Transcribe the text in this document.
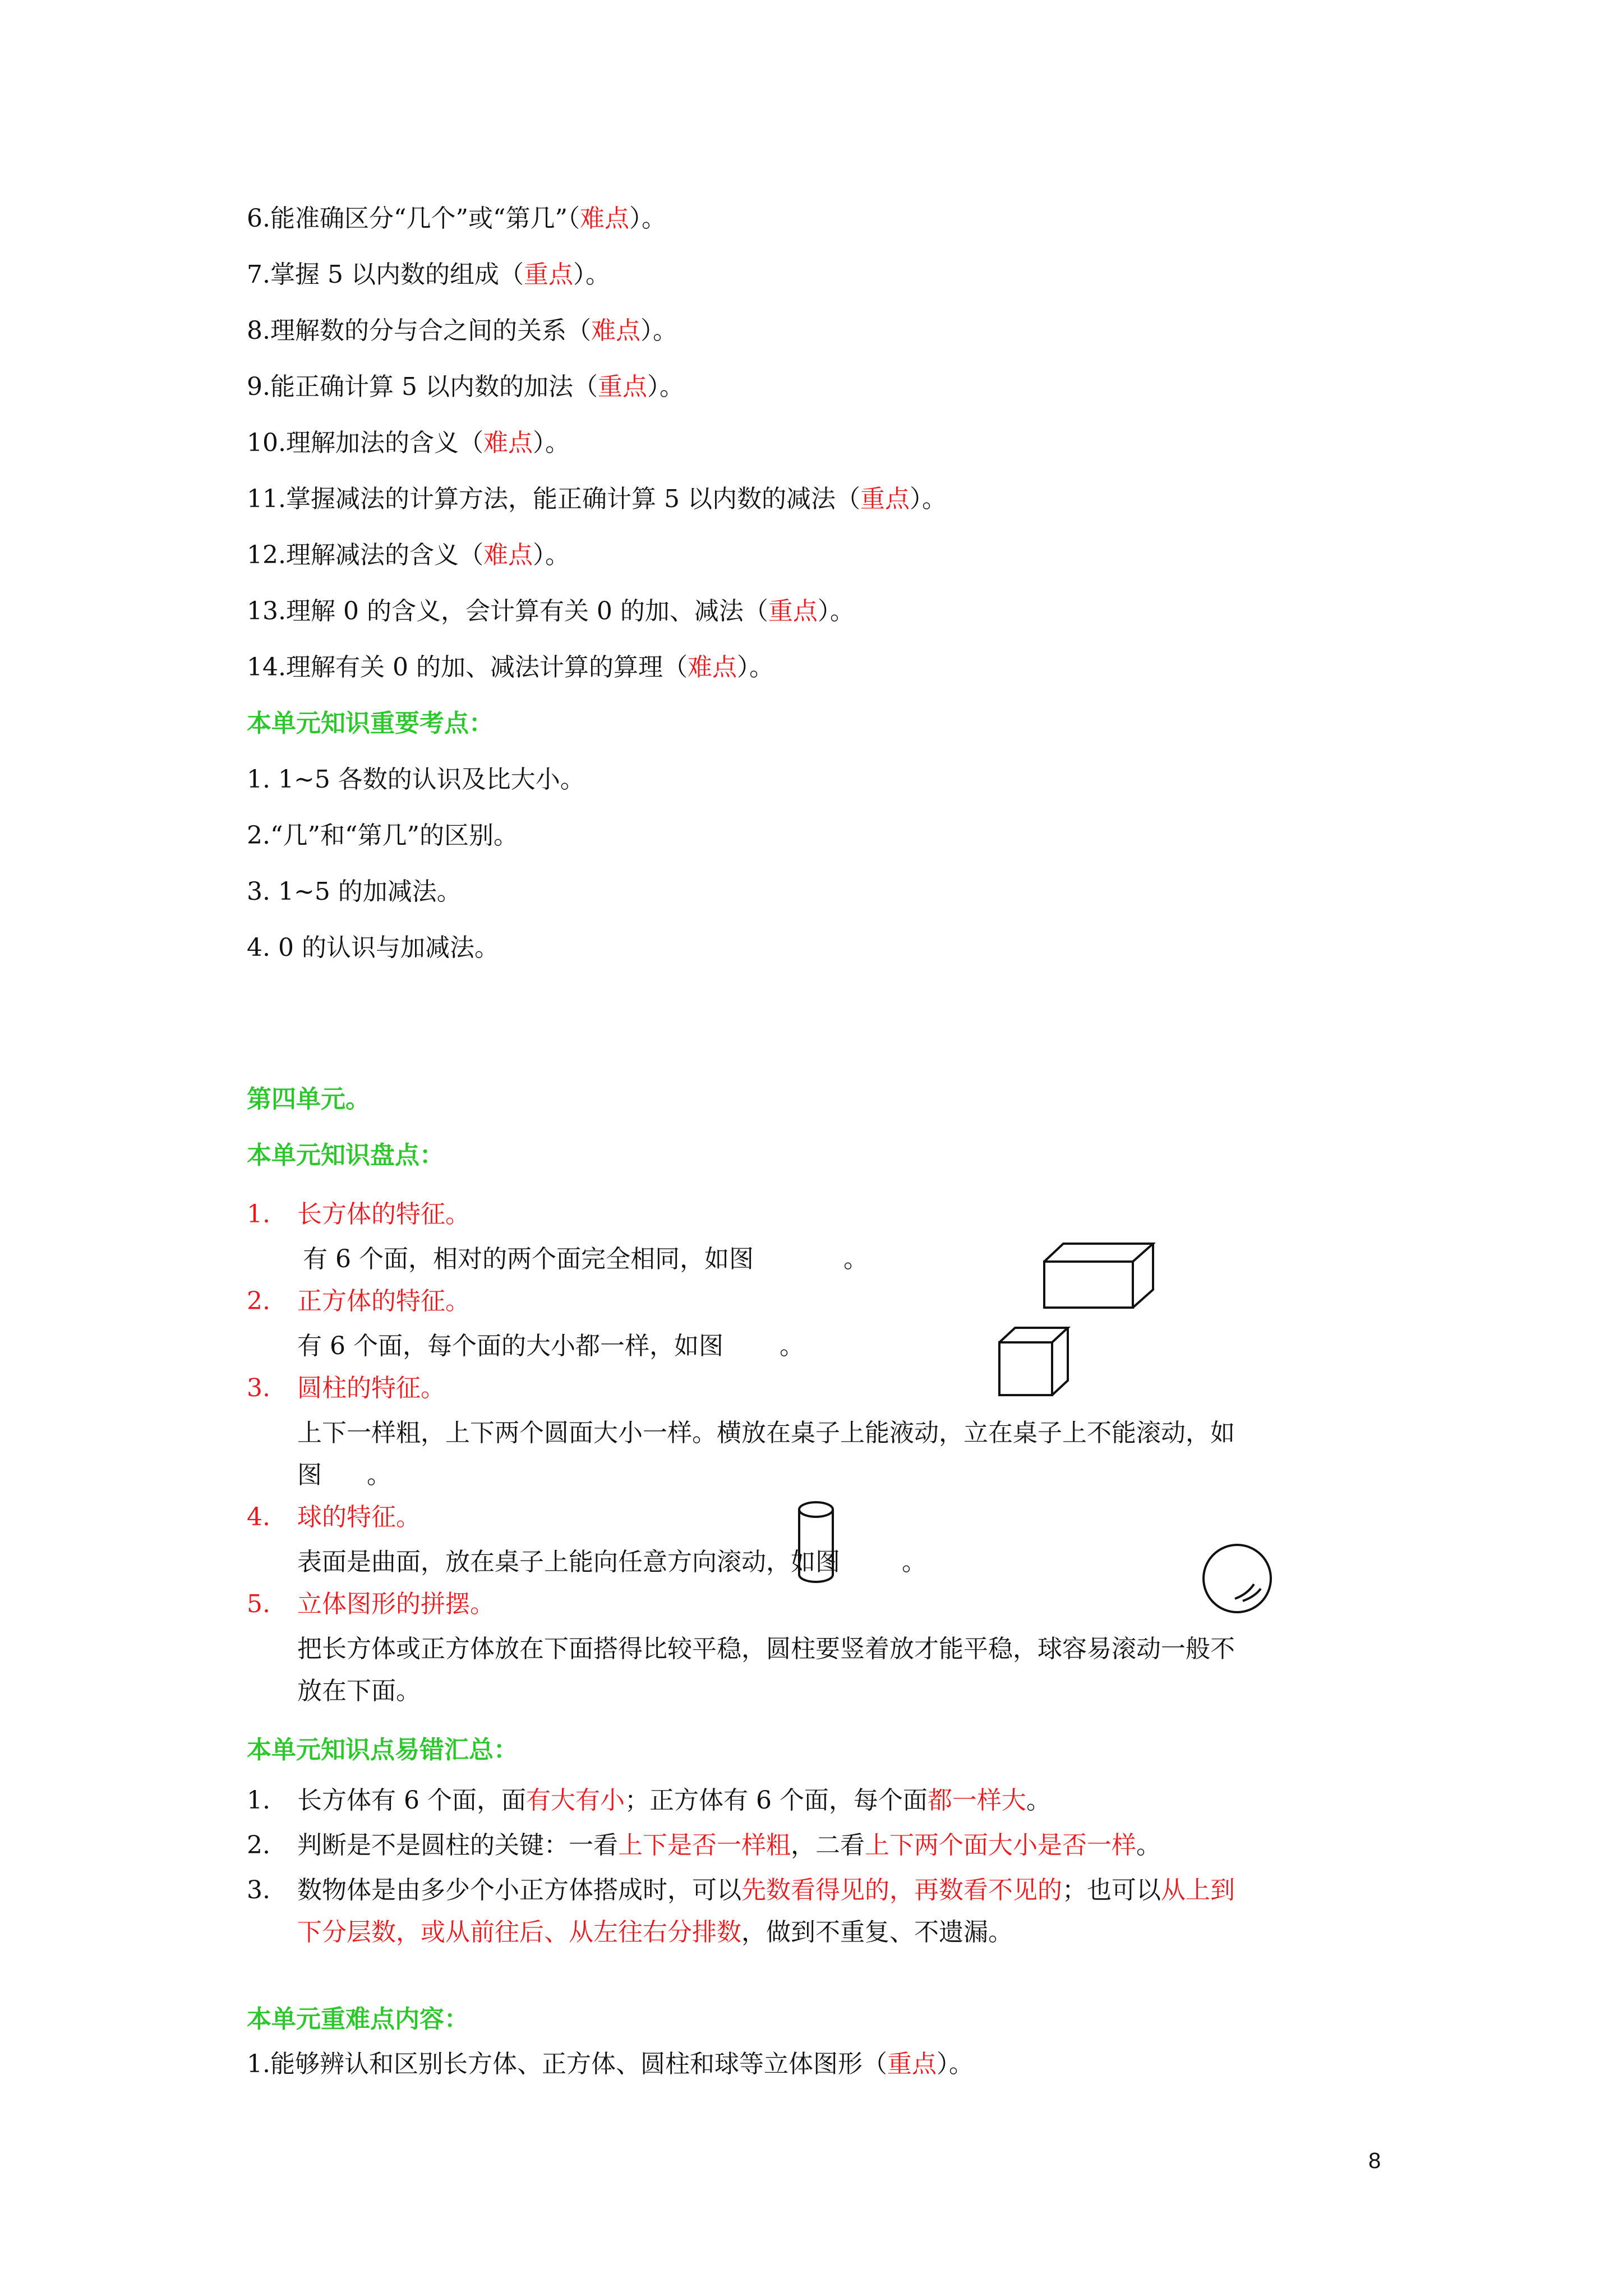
6.能准确区分“几个”或“第几”（难点）。
7.掌握 5 以内数的组成（重点）。
8.理解数的分与合之间的关系（难点）。
9.能正确计算 5 以内数的加法（重点）。
10.理解加法的含义（难点）。
11.掌握减法的计算方法，能正确计算 5 以内数的减法（重点）。
12.理解减法的含义（难点）。
13.理解 0 的含义，会计算有关 0 的加、减法（重点）。
14.理解有关 0 的加、减法计算的算理（难点）。
本单元知识重要考点：
1. 1~5 各数的认识及比大小。
2.“几”和“第几”的区别。
3. 1~5 的加减法。
4. 0 的认识与加减法。
第四单元。
本单元知识盘点：
1. 长方体的特征。
有 6 个面，相对的两个面完全相同，如图	。
2. 正方体的特征。
有 6 个面，每个面的大小都一样，如图 。
3. 圆柱的特征。
上下一样粗，上下两个圆面大小一样。横放在桌子上能液动，立在桌子上不能滚动，如
图 。
4. 球的特征。
表面是曲面，放在桌子上能向任意方向滚动，如图	。
5. 立体图形的拼摆。
把长方体或正方体放在下面搭得比较平稳，圆柱要竖着放才能平稳，球容易滚动一般不
放在下面。
本单元知识点易错汇总：
1. 长方体有 6 个面，面有大有小；正方体有 6 个面，每个面都一样大。
2. 判断是不是圆柱的关键：一看上下是否一样粗，二看上下两个面大小是否一样。
3. 数物体是由多少个小正方体搭成时，可以先数看得见的，再数看不见的；也可以从上到
下分层数，或从前往后、从左往右分排数，做到不重复、不遗漏。
本单元重难点内容：
1.能够辨认和区别长方体、正方体、圆柱和球等立体图形（重点）。
8
